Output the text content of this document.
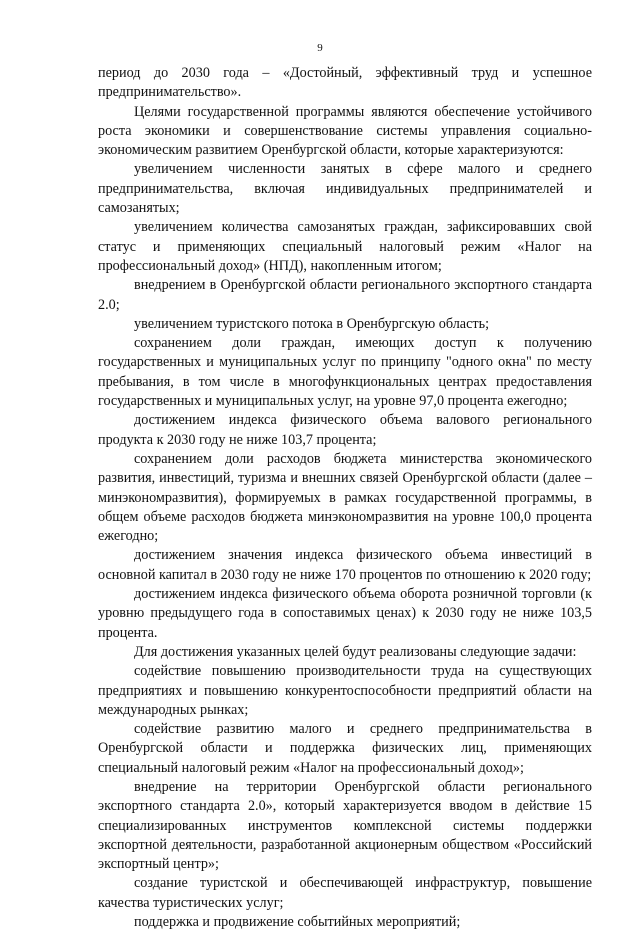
9

период до 2030 года – «Достойный, эффективный труд и успешное предпринимательство».

Целями государственной программы являются обеспечение устойчивого роста экономики и совершенствование системы управления социально-экономическим развитием Оренбургской области, которые характеризуются:

увеличением численности занятых в сфере малого и среднего предпринимательства, включая индивидуальных предпринимателей и самозанятых;

увеличением количества самозанятых граждан, зафиксировавших свой статус и применяющих специальный налоговый режим «Налог на профессиональный доход» (НПД), накопленным итогом;

внедрением в Оренбургской области регионального экспортного стандарта 2.0;

увеличением туристского потока в Оренбургскую область;

сохранением доли граждан, имеющих доступ к получению государственных и муниципальных услуг по принципу "одного окна" по месту пребывания, в том числе в многофункциональных центрах предоставления государственных и муниципальных услуг, на уровне 97,0 процента ежегодно;

достижением индекса физического объема валового регионального продукта к 2030 году не ниже 103,7 процента;

сохранением доли расходов бюджета министерства экономического развития, инвестиций, туризма и внешних связей Оренбургской области (далее – минэкономразвития), формируемых в рамках государственной программы, в общем объеме расходов бюджета минэкономразвития на уровне 100,0 процента ежегодно;

достижением значения индекса физического объема инвестиций в основной капитал в 2030 году не ниже 170 процентов по отношению к 2020 году;

достижением индекса физического объема оборота розничной торговли (к уровню предыдущего года в сопоставимых ценах) к 2030 году не ниже 103,5 процента.

Для достижения указанных целей будут реализованы следующие задачи:

содействие повышению производительности труда на существующих предприятиях и повышению конкурентоспособности предприятий области на международных рынках;

содействие развитию малого и среднего предпринимательства в Оренбургской области и поддержка физических лиц, применяющих специальный налоговый режим «Налог на профессиональный доход»;

внедрение на территории Оренбургской области регионального экспортного стандарта 2.0», который характеризуется вводом в действие 15 специализированных инструментов комплексной системы поддержки экспортной деятельности, разработанной акционерным обществом «Российский экспортный центр»;

создание туристской и обеспечивающей инфраструктур, повышение качества туристических услуг;

поддержка и продвижение событийных мероприятий;
